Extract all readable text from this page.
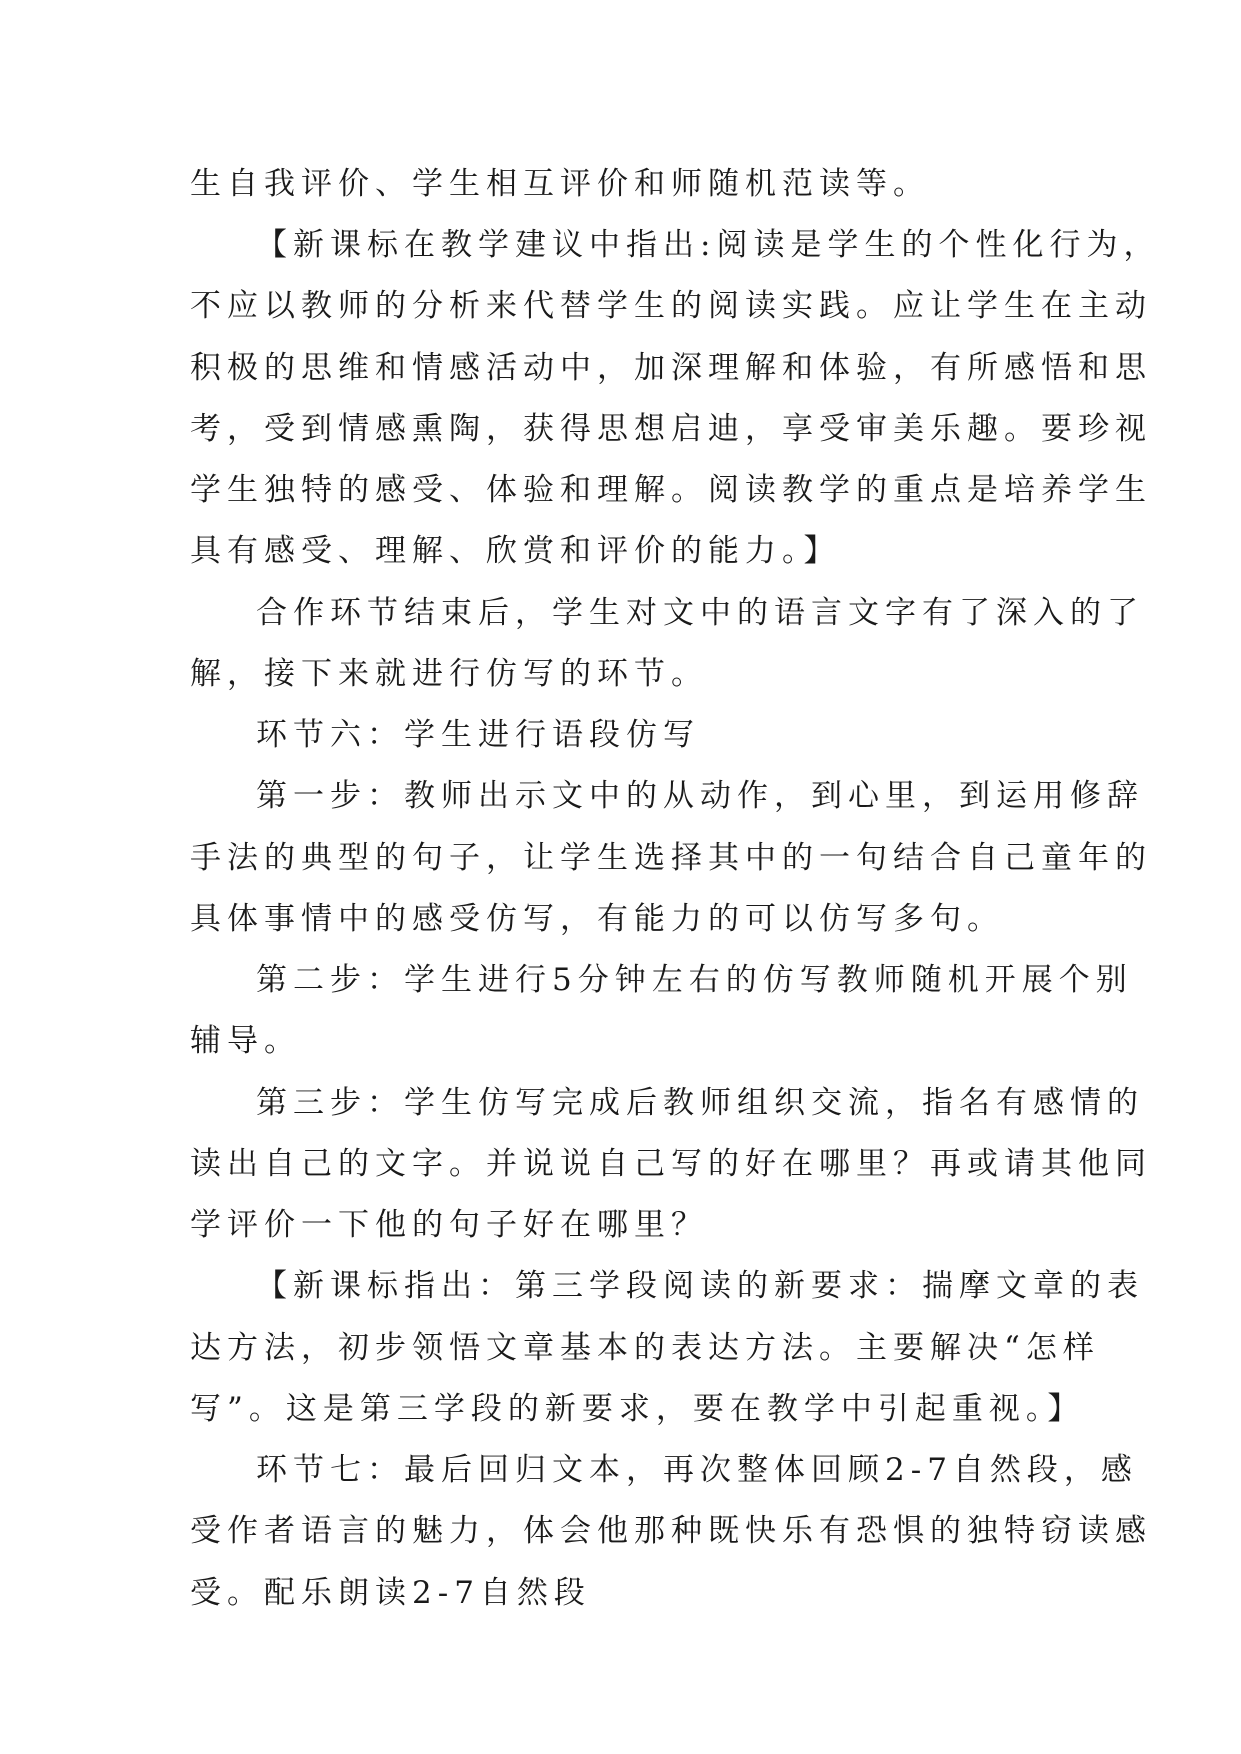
生自我评价、学生相互评价和师随机范读等。
【新课标在教学建议中指出:阅读是学生的个性化行为，
不应以教师的分析来代替学生的阅读实践。应让学生在主动
积极的思维和情感活动中，加深理解和体验，有所感悟和思
考，受到情感熏陶，获得思想启迪，享受审美乐趣。要珍视
学生独特的感受、体验和理解。阅读教学的重点是培养学生
具有感受、理解、欣赏和评价的能力。】
合作环节结束后，学生对文中的语言文字有了深入的了
解，接下来就进行仿写的环节。
环节六：学生进行语段仿写
第一步：教师出示文中的从动作，到心里，到运用修辞
手法的典型的句子，让学生选择其中的一句结合自己童年的
具体事情中的感受仿写，有能力的可以仿写多句。
第二步：学生进行5分钟左右的仿写教师随机开展个别
辅导。
第三步：学生仿写完成后教师组织交流，指名有感情的
读出自己的文字。并说说自己写的好在哪里？再或请其他同
学评价一下他的句子好在哪里？
【新课标指出：第三学段阅读的新要求：揣摩文章的表
达方法，初步领悟文章基本的表达方法。主要解决“怎样
写”。这是第三学段的新要求，要在教学中引起重视。】
环节七：最后回归文本，再次整体回顾2-7自然段，感
受作者语言的魅力，体会他那种既快乐有恐惧的独特窃读感
受。配乐朗读2-7自然段
